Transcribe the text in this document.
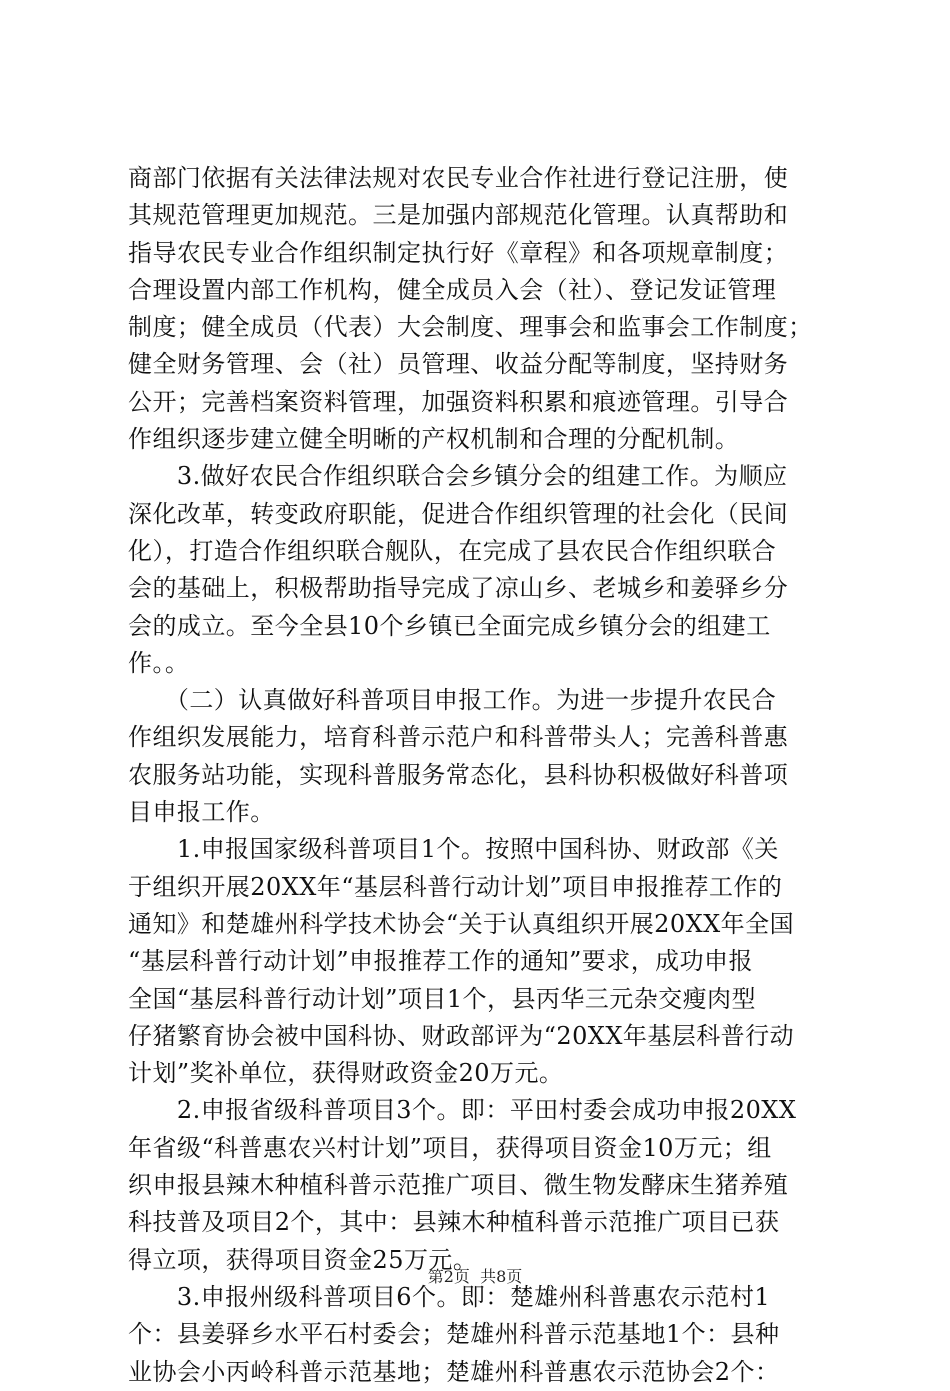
商部门依据有关法律法规对农民专业合作社进行登记注册，使
其规范管理更加规范。三是加强内部规范化管理。认真帮助和
指导农民专业合作组织制定执行好《章程》和各项规章制度；
合理设置内部工作机构，健全成员入会（社）、登记发证管理
制度；健全成员（代表）大会制度、理事会和监事会工作制度；
健全财务管理、会（社）员管理、收益分配等制度，坚持财务
公开；完善档案资料管理，加强资料积累和痕迹管理。引导合
作组织逐步建立健全明晰的产权机制和合理的分配机制。
　　3.做好农民合作组织联合会乡镇分会的组建工作。为顺应
深化改革，转变政府职能，促进合作组织管理的社会化（民间
化），打造合作组织联合舰队，在完成了县农民合作组织联合
会的基础上，积极帮助指导完成了凉山乡、老城乡和姜驿乡分
会的成立。至今全县10个乡镇已全面完成乡镇分会的组建工
作。。
　　（二）认真做好科普项目申报工作。为进一步提升农民合
作组织发展能力，培育科普示范户和科普带头人；完善科普惠
农服务站功能，实现科普服务常态化，县科协积极做好科普项
目申报工作。
　　1.申报国家级科普项目1个。按照中国科协、财政部《关
于组织开展20XX年“基层科普行动计划”项目申报推荐工作的
通知》和楚雄州科学技术协会“关于认真组织开展20XX年全国
“基层科普行动计划”申报推荐工作的通知”要求，成功申报
全国“基层科普行动计划”项目1个，县丙华三元杂交瘦肉型
仔猪繁育协会被中国科协、财政部评为“20XX年基层科普行动
计划”奖补单位，获得财政资金20万元。
　　2.申报省级科普项目3个。即：平田村委会成功申报20XX
年省级“科普惠农兴村计划”项目，获得项目资金10万元；组
织申报县辣木种植科普示范推广项目、微生物发酵床生猪养殖
科技普及项目2个，其中：县辣木种植科普示范推广项目已获
得立项，获得项目资金25万元。
　　3.申报州级科普项目6个。即：楚雄州科普惠农示范村1
个：县姜驿乡水平石村委会；楚雄州科普示范基地1个：县种
业协会小丙岭科普示范基地；楚雄州科普惠农示范协会2个：
第2页  共8页
